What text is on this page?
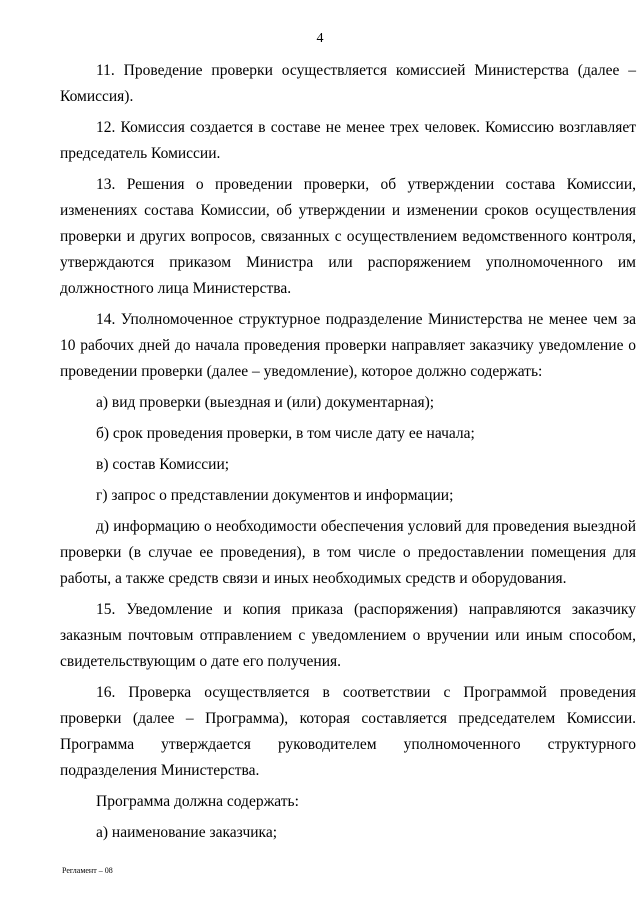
4

11. Проведение проверки осуществляется комиссией Министерства (далее – Комиссия).

12. Комиссия создается в составе не менее трех человек. Комиссию возглавляет председатель Комиссии.

13. Решения о проведении проверки, об утверждении состава Комиссии, изменениях состава Комиссии, об утверждении и изменении сроков осуществления проверки и других вопросов, связанных с осуществлением ведомственного контроля, утверждаются приказом Министра или распоряжением уполномоченного им должностного лица Министерства.

14. Уполномоченное структурное подразделение Министерства не менее чем за 10 рабочих дней до начала проведения проверки направляет заказчику уведомление о проведении проверки (далее – уведомление), которое должно содержать:

а) вид проверки (выездная и (или) документарная);

б) срок проведения проверки, в том числе дату ее начала;

в) состав Комиссии;

г) запрос о представлении документов и информации;

д) информацию о необходимости обеспечения условий для проведения выездной проверки (в случае ее проведения), в том числе о предоставлении помещения для работы, а также средств связи и иных необходимых средств и оборудования.

15. Уведомление и копия приказа (распоряжения) направляются заказчику заказным почтовым отправлением с уведомлением о вручении или иным способом, свидетельствующим о дате его получения.

16. Проверка осуществляется в соответствии с Программой проведения проверки (далее – Программа), которая составляется председателем Комиссии. Программа утверждается руководителем уполномоченного структурного подразделения Министерства.

Программа должна содержать:

а) наименование заказчика;

Регламент – 08
